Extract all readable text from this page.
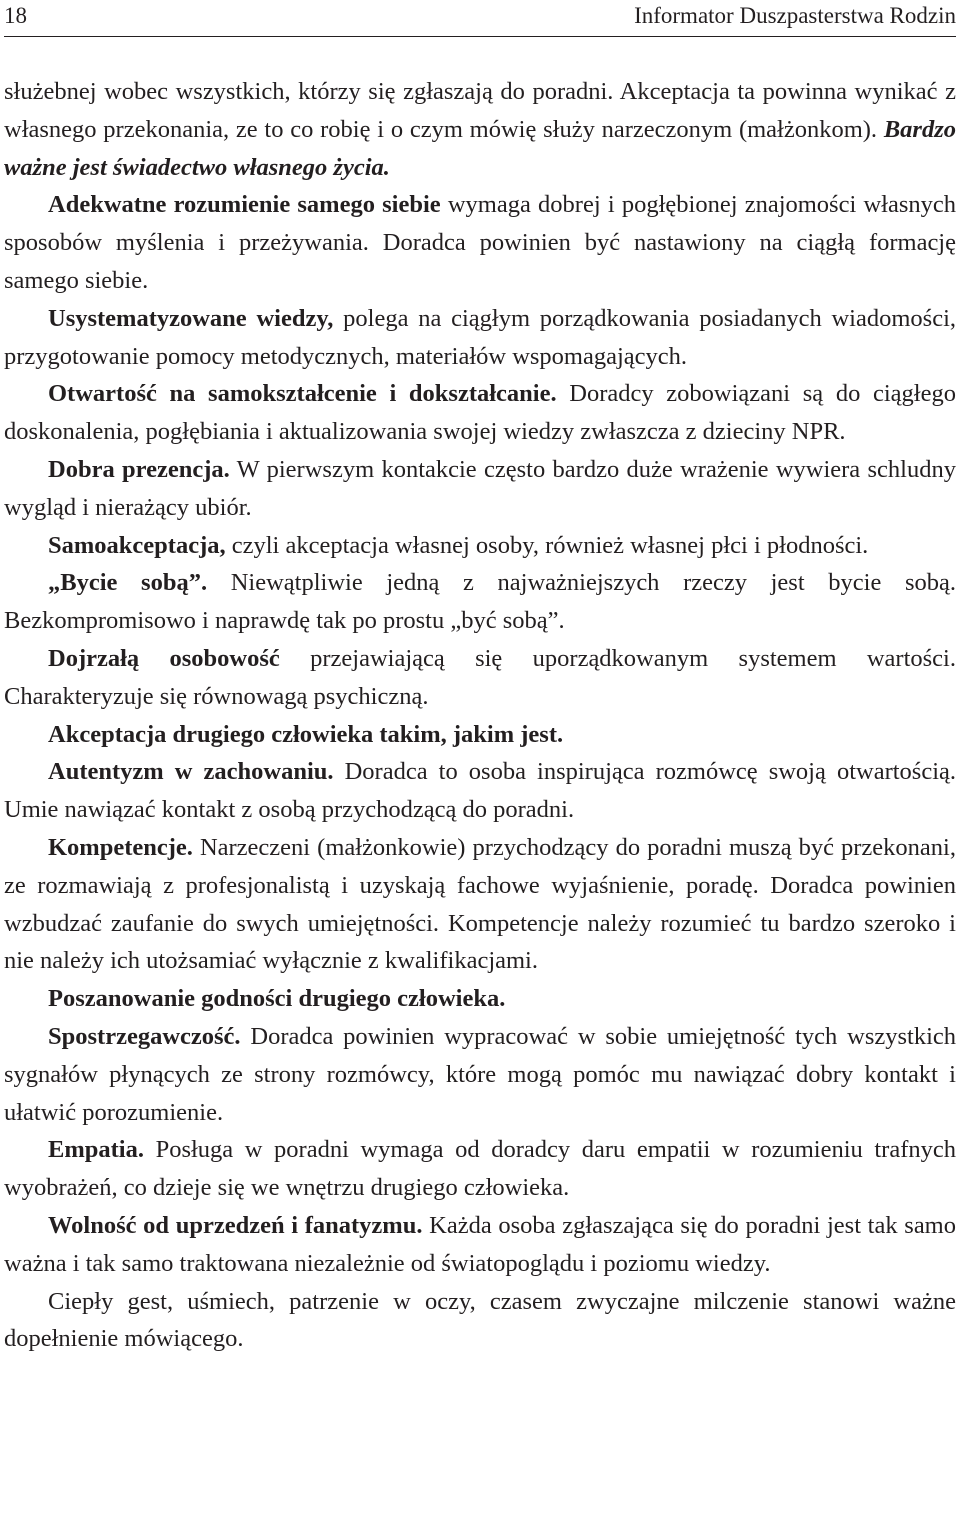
18	Informator Duszpasterstwa Rodzin

służebnej wobec wszystkich, którzy się zgłaszają do poradni. Akceptacja ta powinna wynikać z własnego przekonania, ze to co robię i o czym mówię służy narzeczonym (małżonkom). Bardzo ważne jest świadectwo własnego życia.

Adekwatne rozumienie samego siebie wymaga dobrej i pogłębionej znajomości własnych sposobów myślenia i przeżywania. Doradca powinien być nastawiony na ciągłą formację samego siebie.

Usystematyzowane wiedzy, polega na ciągłym porządkowania posiadanych wiadomości, przygotowanie pomocy metodycznych, materiałów wspomagających.

Otwartość na samokształcenie i dokształcanie. Doradcy zobowiązani są do ciągłego doskonalenia, pogłębiania i aktualizowania swojej wiedzy zwłaszcza z dzieciny NPR.

Dobra prezencja. W pierwszym kontakcie często bardzo duże wrażenie wywiera schludny wygląd i nierażący ubiór.

Samoakceptacja, czyli akceptacja własnej osoby, również własnej płci i płodności.

„Bycie sobą”. Niewątpliwie jedną z najważniejszych rzeczy jest bycie sobą. Bezkompromisowo i naprawdę tak po prostu „być sobą”.

Dojrzałą osobowość przejawiającą się uporządkowanym systemem wartości. Charakteryzuje się równowagą psychiczną.

Akceptacja drugiego człowieka takim, jakim jest.

Autentyzm w zachowaniu. Doradca to osoba inspirująca rozmówcę swoją otwartością. Umie nawiązać kontakt z osobą przychodzącą do poradni.

Kompetencje. Narzeczeni (małżonkowie) przychodzący do poradni muszą być przekonani, ze rozmawiają z profesjonalistą i uzyskają fachowe wyjaśnienie, poradę. Doradca powinien wzbudzać zaufanie do swych umiejętności. Kompetencje należy rozumieć tu bardzo szeroko i nie należy ich utożsamiać wyłącznie z kwalifikacjami.

Poszanowanie godności drugiego człowieka.

Spostrzegawczość. Doradca powinien wypracować w sobie umiejętność tych wszystkich sygnałów płynących ze strony rozmówcy, które mogą pomóc mu nawiązać dobry kontakt i ułatwić porozumienie.

Empatia. Posługa w poradni wymaga od doradcy daru empatii w rozumieniu trafnych wyobrażeń, co dzieje się we wnętrzu drugiego człowieka.

Wolność od uprzedzeń i fanatyzmu. Każda osoba zgłaszająca się do poradni jest tak samo ważna i tak samo traktowana niezależnie od światopoglądu i poziomu wiedzy.

Ciepły gest, uśmiech, patrzenie w oczy, czasem zwyczajne milczenie stanowi ważne dopełnienie mówiącego.
